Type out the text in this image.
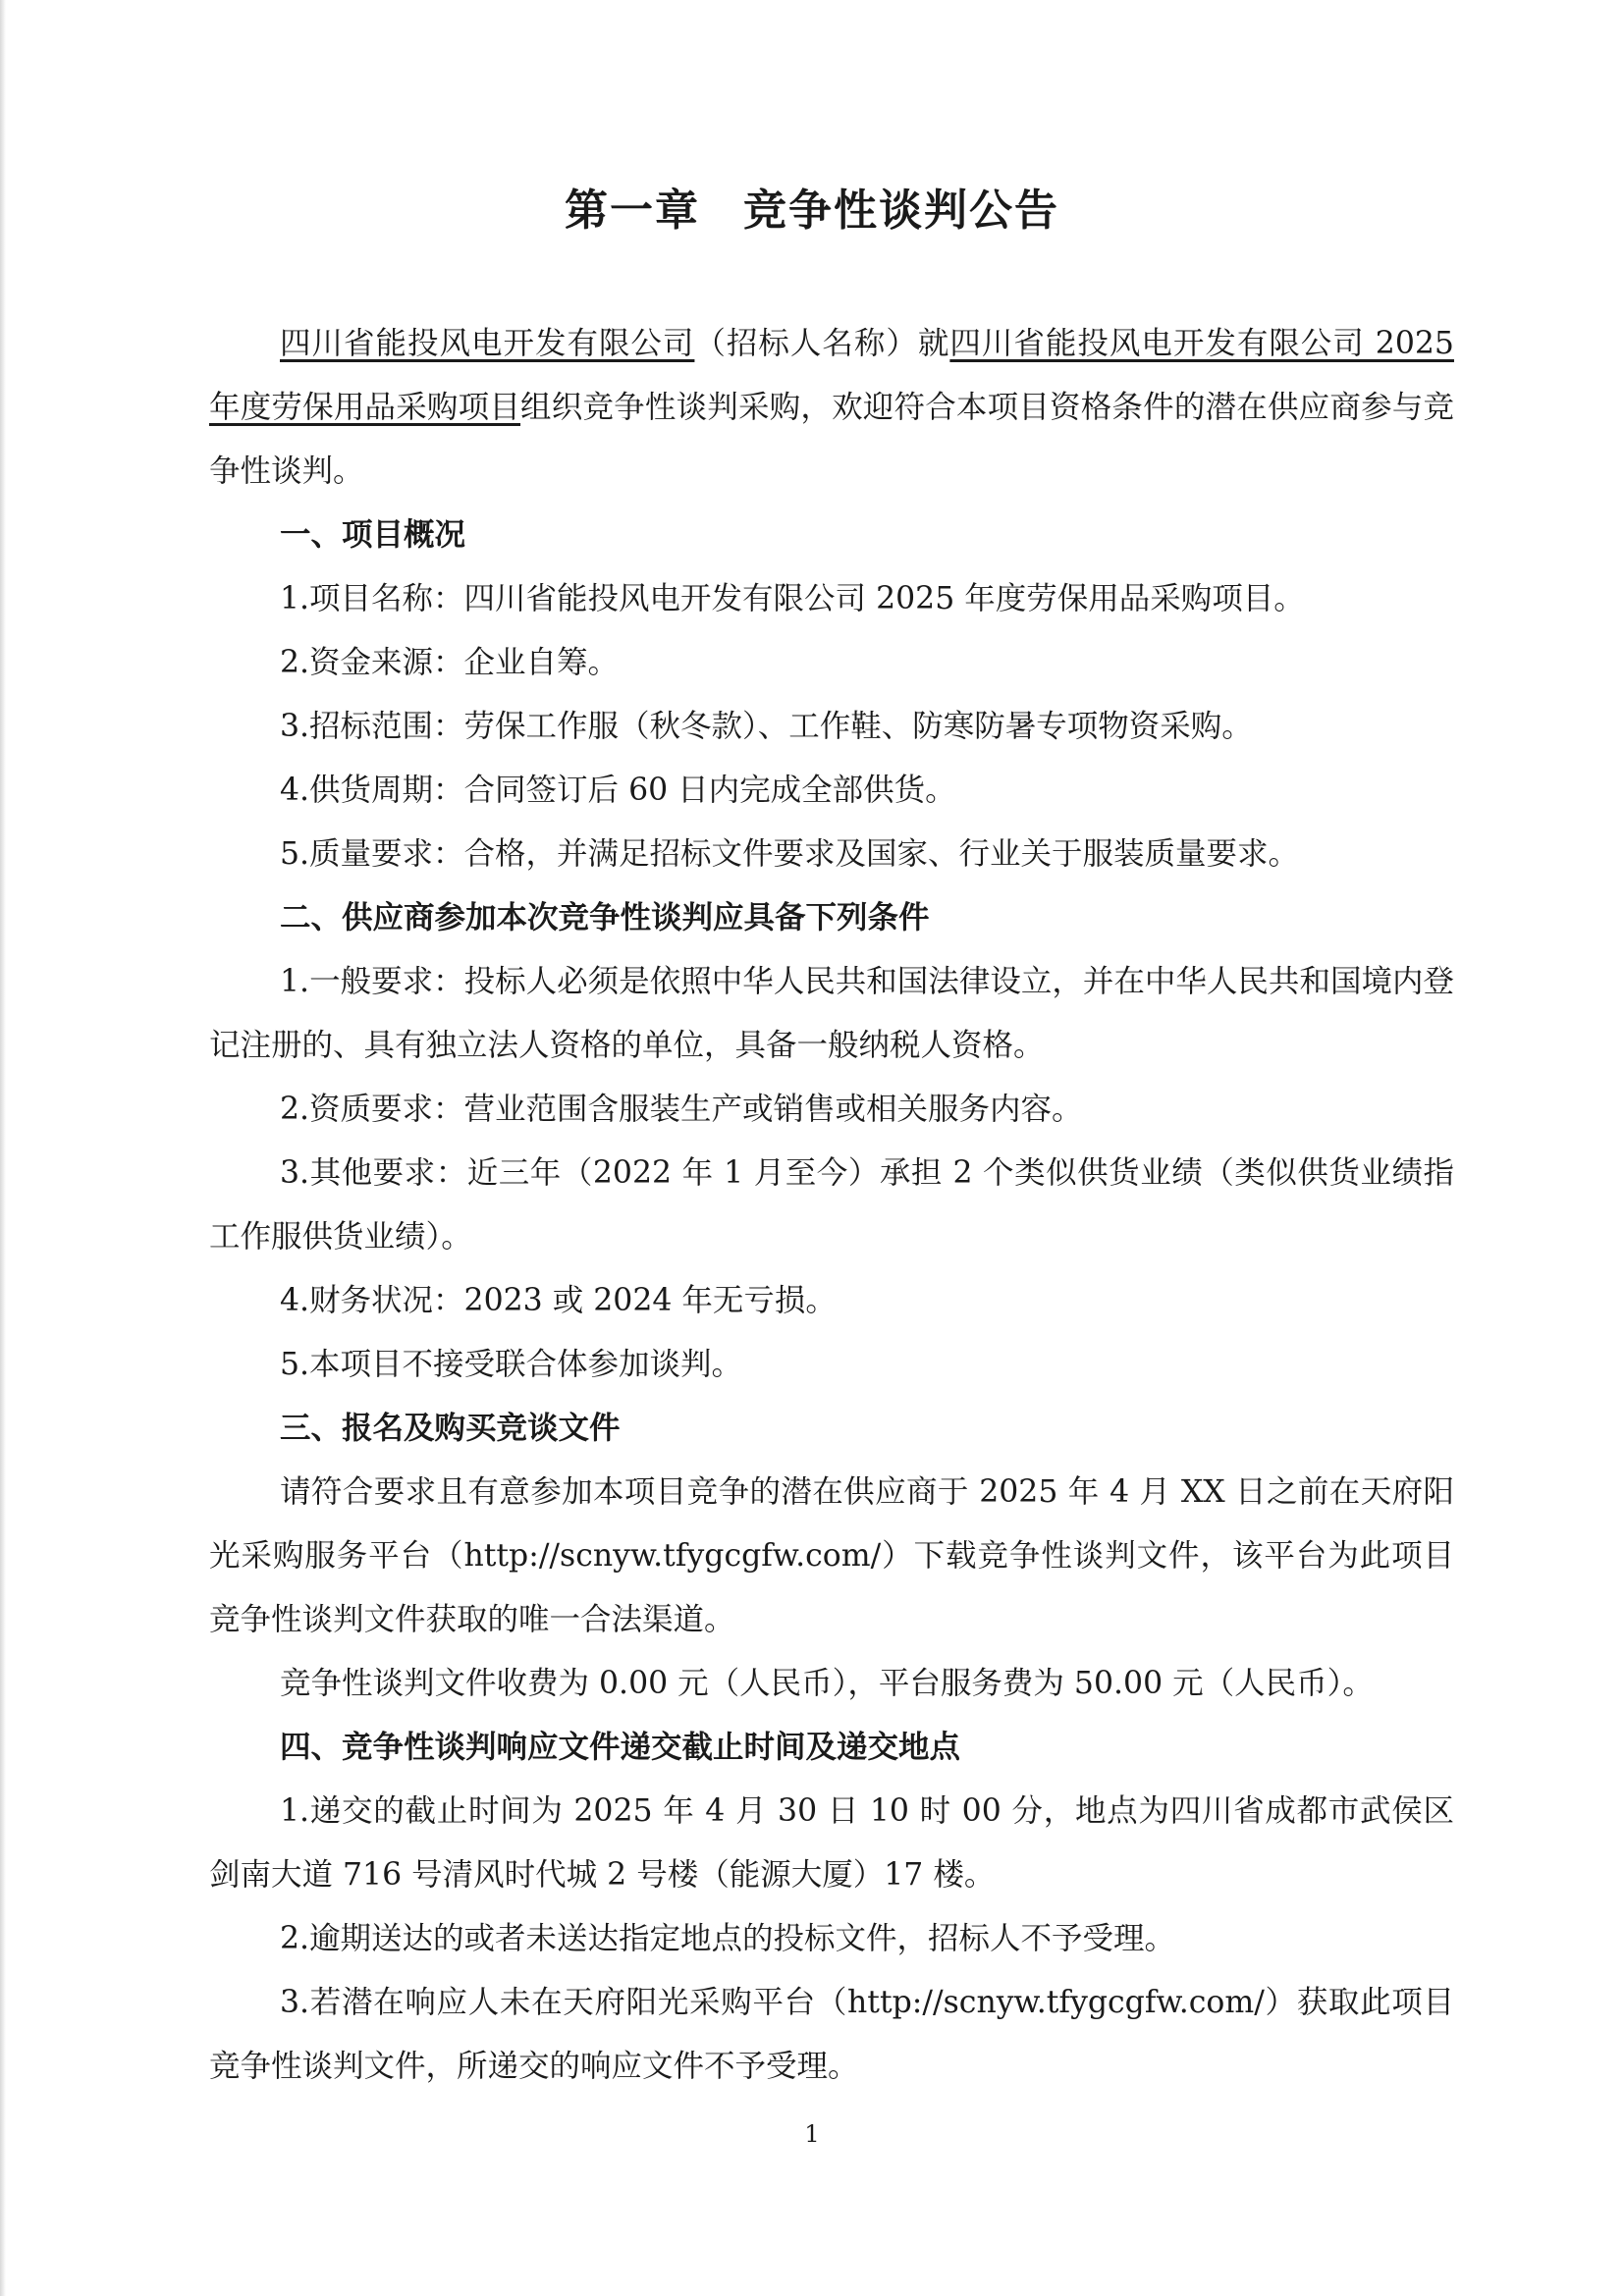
第一章 竞争性谈判公告

四川省能投风电开发有限公司（招标人名称）就四川省能投风电开发有限公司 2025 年度劳保用品采购项目组织竞争性谈判采购，欢迎符合本项目资格条件的潜在供应商参与竞争性谈判。

一、项目概况

1.项目名称：四川省能投风电开发有限公司 2025 年度劳保用品采购项目。

2.资金来源：企业自筹。

3.招标范围：劳保工作服（秋冬款）、工作鞋、防寒防暑专项物资采购。

4.供货周期：合同签订后 60 日内完成全部供货。

5.质量要求：合格，并满足招标文件要求及国家、行业关于服装质量要求。

二、供应商参加本次竞争性谈判应具备下列条件

1.一般要求：投标人必须是依照中华人民共和国法律设立，并在中华人民共和国境内登记注册的、具有独立法人资格的单位，具备一般纳税人资格。

2.资质要求：营业范围含服装生产或销售或相关服务内容。

3.其他要求：近三年（2022 年 1 月至今）承担 2 个类似供货业绩（类似供货业绩指工作服供货业绩）。

4.财务状况：2023 或 2024 年无亏损。

5.本项目不接受联合体参加谈判。

三、报名及购买竞谈文件

请符合要求且有意参加本项目竞争的潜在供应商于 2025 年 4 月 XX 日之前在天府阳光采购服务平台（http://scnyw.tfygcgfw.com/）下载竞争性谈判文件，该平台为此项目竞争性谈判文件获取的唯一合法渠道。

竞争性谈判文件收费为 0.00 元（人民币），平台服务费为 50.00 元（人民币）。

四、竞争性谈判响应文件递交截止时间及递交地点

1.递交的截止时间为 2025 年 4 月 30 日 10 时 00 分，地点为四川省成都市武侯区剑南大道 716 号清风时代城 2 号楼（能源大厦）17 楼。

2.逾期送达的或者未送达指定地点的投标文件，招标人不予受理。

3.若潜在响应人未在天府阳光采购平台（http://scnyw.tfygcgfw.com/）获取此项目竞争性谈判文件，所递交的响应文件不予受理。

1
